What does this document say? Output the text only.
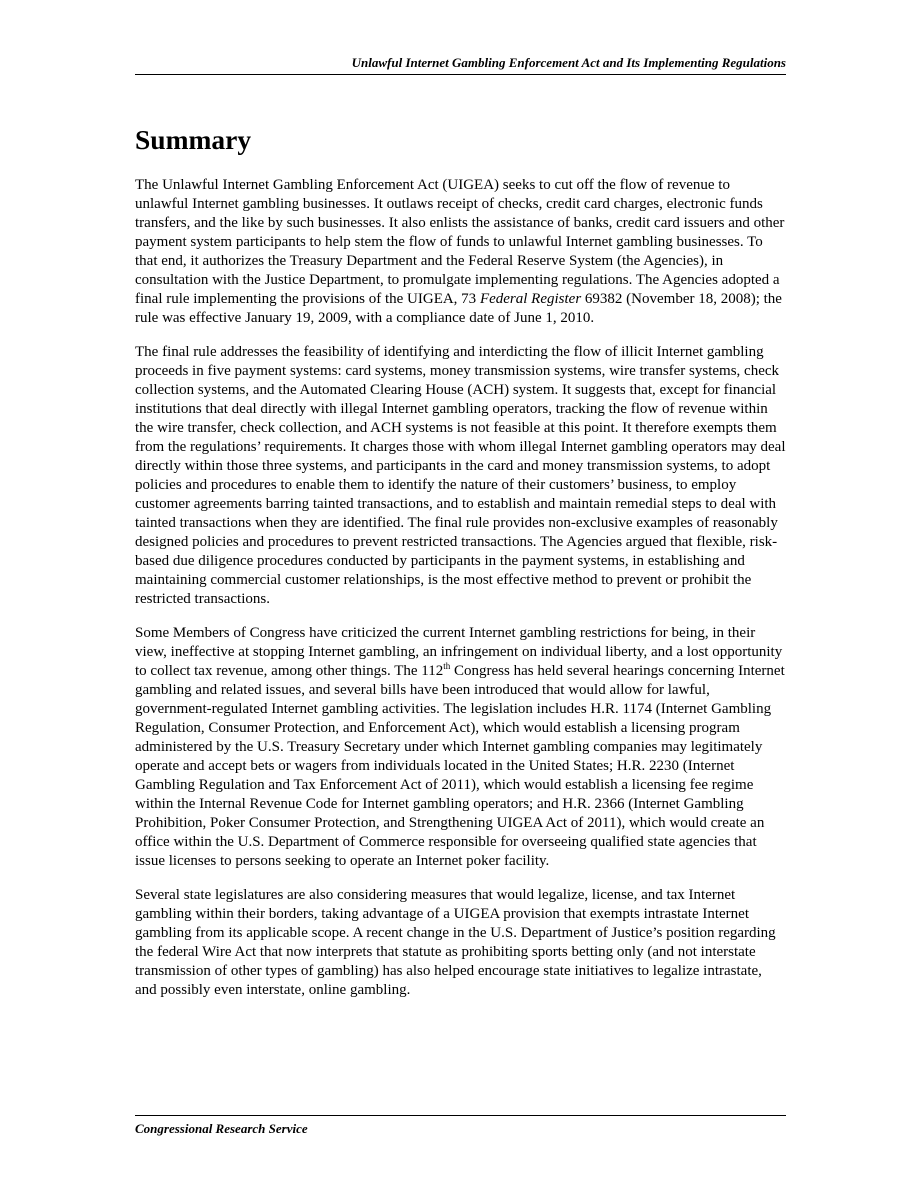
Unlawful Internet Gambling Enforcement Act and Its Implementing Regulations
Summary

The Unlawful Internet Gambling Enforcement Act (UIGEA) seeks to cut off the flow of revenue to unlawful Internet gambling businesses. It outlaws receipt of checks, credit card charges, electronic funds transfers, and the like by such businesses. It also enlists the assistance of banks, credit card issuers and other payment system participants to help stem the flow of funds to unlawful Internet gambling businesses. To that end, it authorizes the Treasury Department and the Federal Reserve System (the Agencies), in consultation with the Justice Department, to promulgate implementing regulations. The Agencies adopted a final rule implementing the provisions of the UIGEA, 73 Federal Register 69382 (November 18, 2008); the rule was effective January 19, 2009, with a compliance date of June 1, 2010.

The final rule addresses the feasibility of identifying and interdicting the flow of illicit Internet gambling proceeds in five payment systems: card systems, money transmission systems, wire transfer systems, check collection systems, and the Automated Clearing House (ACH) system. It suggests that, except for financial institutions that deal directly with illegal Internet gambling operators, tracking the flow of revenue within the wire transfer, check collection, and ACH systems is not feasible at this point. It therefore exempts them from the regulations’ requirements. It charges those with whom illegal Internet gambling operators may deal directly within those three systems, and participants in the card and money transmission systems, to adopt policies and procedures to enable them to identify the nature of their customers’ business, to employ customer agreements barring tainted transactions, and to establish and maintain remedial steps to deal with tainted transactions when they are identified. The final rule provides non-exclusive examples of reasonably designed policies and procedures to prevent restricted transactions. The Agencies argued that flexible, risk-based due diligence procedures conducted by participants in the payment systems, in establishing and maintaining commercial customer relationships, is the most effective method to prevent or prohibit the restricted transactions.

Some Members of Congress have criticized the current Internet gambling restrictions for being, in their view, ineffective at stopping Internet gambling, an infringement on individual liberty, and a lost opportunity to collect tax revenue, among other things. The 112th Congress has held several hearings concerning Internet gambling and related issues, and several bills have been introduced that would allow for lawful, government-regulated Internet gambling activities. The legislation includes H.R. 1174 (Internet Gambling Regulation, Consumer Protection, and Enforcement Act), which would establish a licensing program administered by the U.S. Treasury Secretary under which Internet gambling companies may legitimately operate and accept bets or wagers from individuals located in the United States; H.R. 2230 (Internet Gambling Regulation and Tax Enforcement Act of 2011), which would establish a licensing fee regime within the Internal Revenue Code for Internet gambling operators; and H.R. 2366 (Internet Gambling Prohibition, Poker Consumer Protection, and Strengthening UIGEA Act of 2011), which would create an office within the U.S. Department of Commerce responsible for overseeing qualified state agencies that issue licenses to persons seeking to operate an Internet poker facility.

Several state legislatures are also considering measures that would legalize, license, and tax Internet gambling within their borders, taking advantage of a UIGEA provision that exempts intrastate Internet gambling from its applicable scope. A recent change in the U.S. Department of Justice’s position regarding the federal Wire Act that now interprets that statute as prohibiting sports betting only (and not interstate transmission of other types of gambling) has also helped encourage state initiatives to legalize intrastate, and possibly even interstate, online gambling.

Congressional Research Service
